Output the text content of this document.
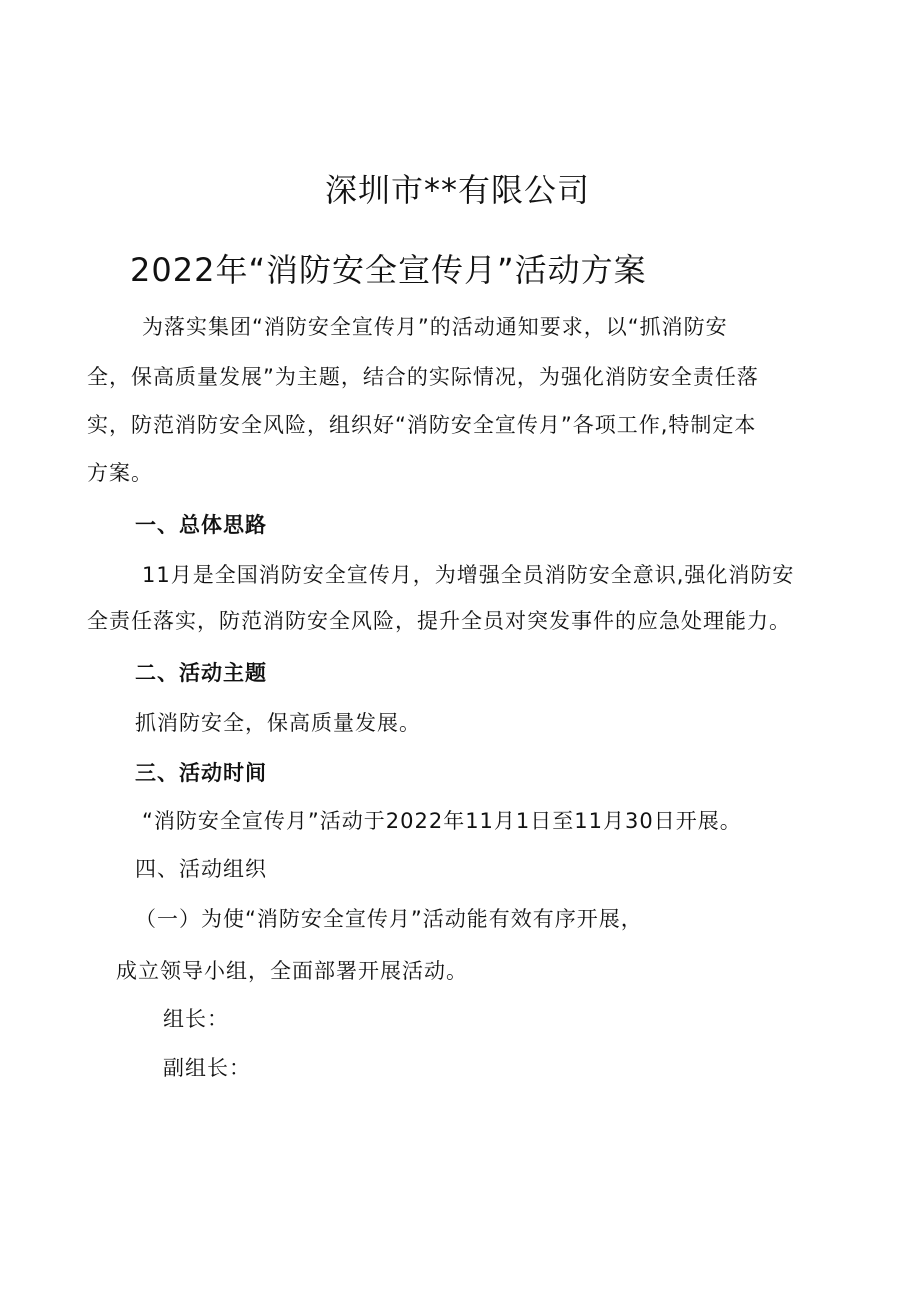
深圳市**有限公司
2022年“消防安全宣传月”活动方案
为落实集团“消防安全宣传月”的活动通知要求，以“抓消防安
全，保高质量发展”为主题，结合的实际情况，为强化消防安全责任落
实，防范消防安全风险，组织好“消防安全宣传月”各项工作,特制定本
方案。
一、总体思路
11月是全国消防安全宣传月，为增强全员消防安全意识,强化消防安
全责任落实，防范消防安全风险，提升全员对突发事件的应急处理能力。
二、活动主题
抓消防安全，保高质量发展。
三、活动时间
“消防安全宣传月”活动于2022年11月1日至11月30日开展。
四、活动组织
（一）为使“消防安全宣传月”活动能有效有序开展，
成立领导小组，全面部署开展活动。
组长：
副组长：
